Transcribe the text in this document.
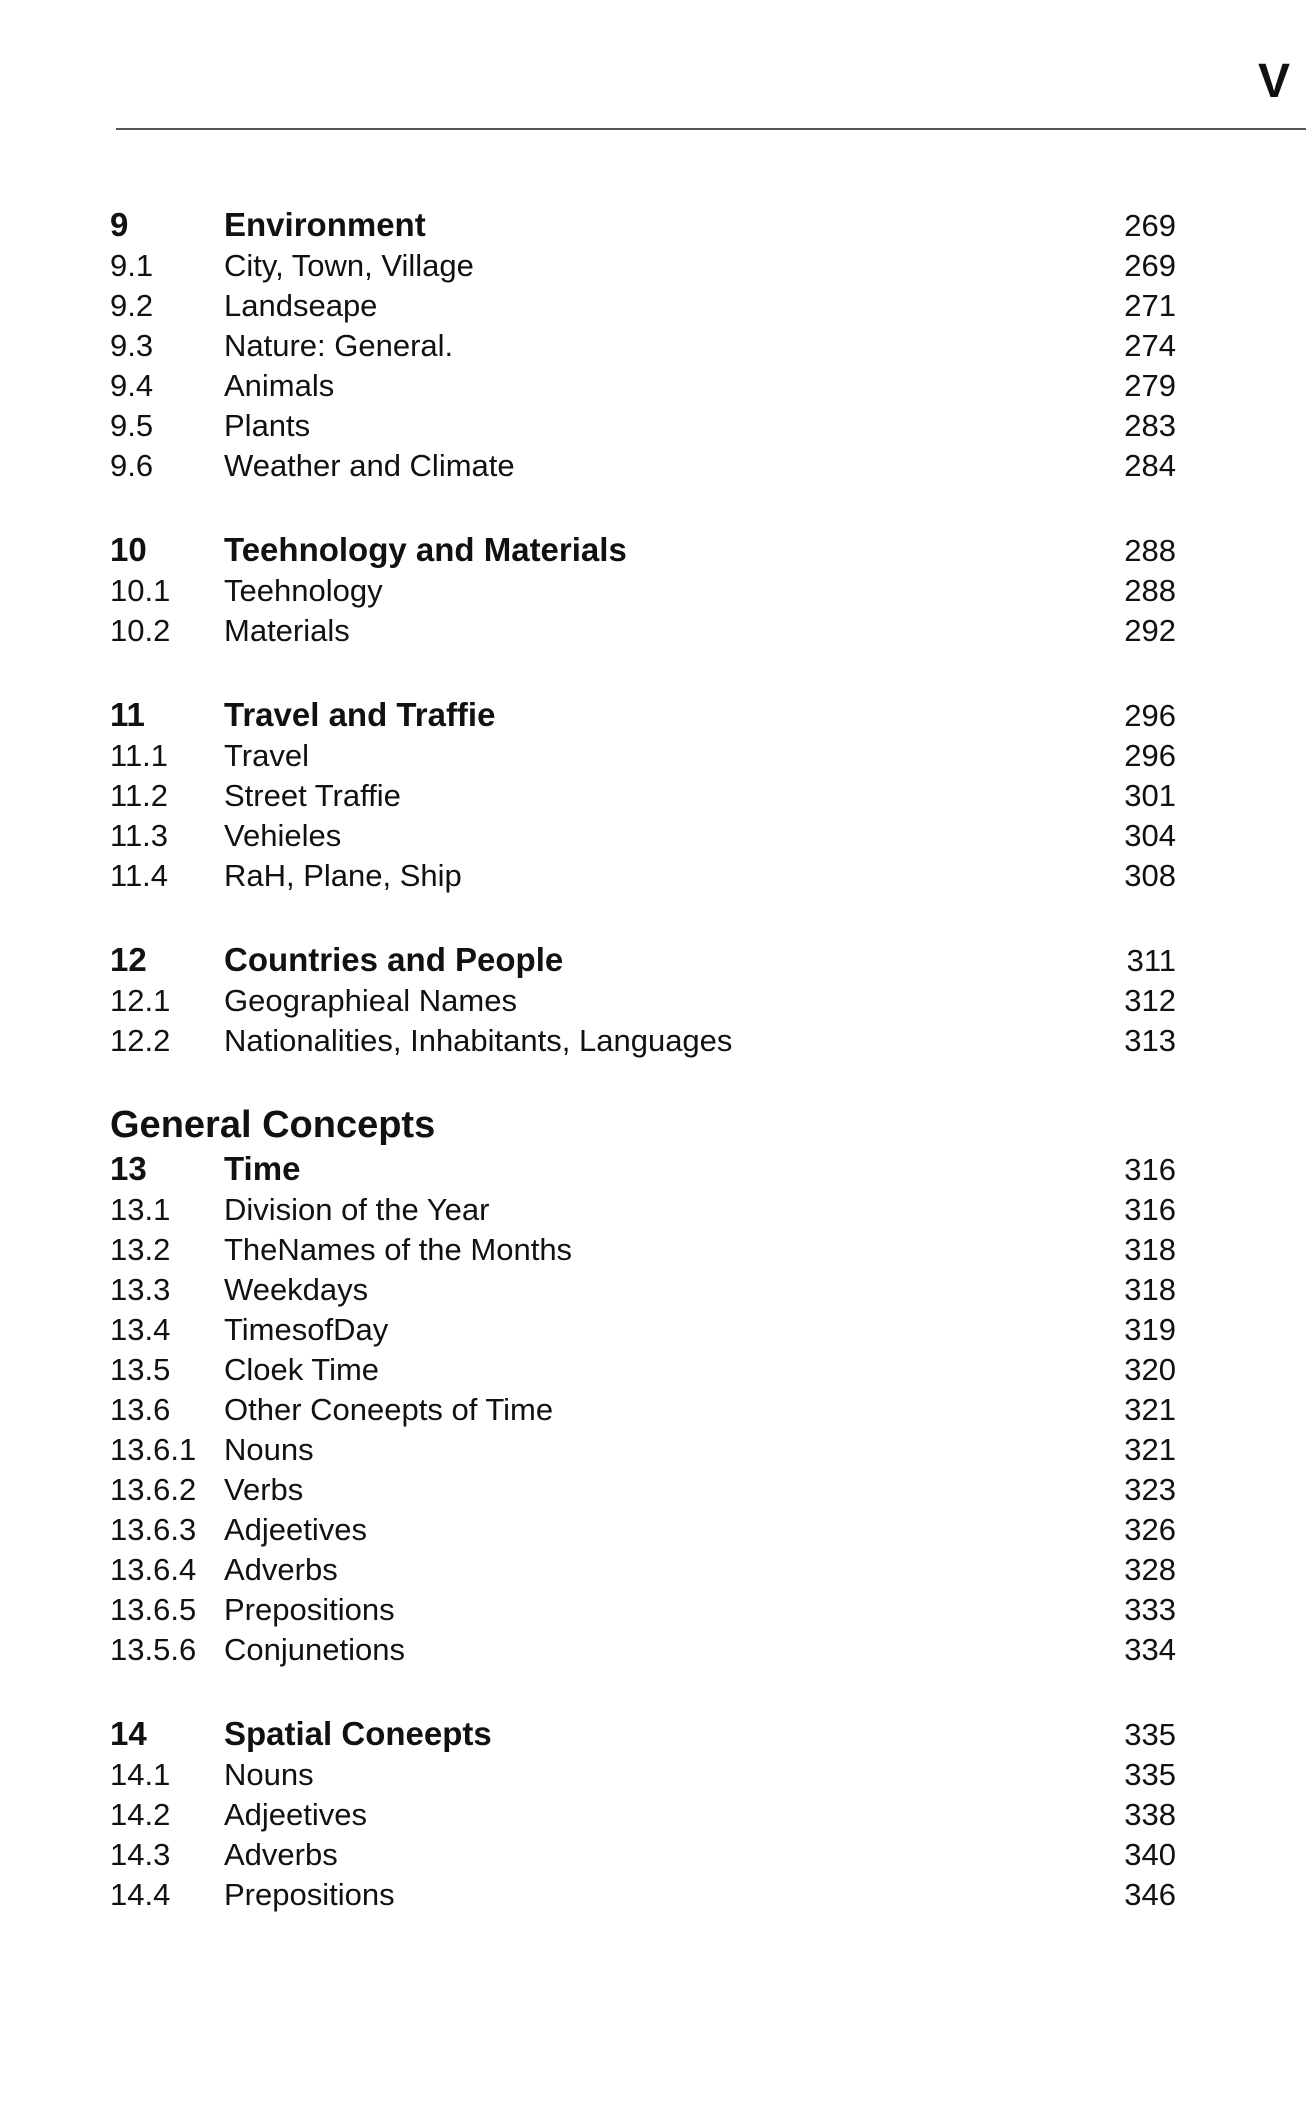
V
9	Environment	269
9.1	City, Town, Village	269
9.2	Landseape	271
9.3	Nature: General.	274
9.4	Animals	279
9.5	Plants	283
9.6	Weather and Climate	284
10	Teehnology and Materials	288
10.1	Teehnology	288
10.2	Materials	292
11	Travel and Traffie	296
11.1	Travel	296
11.2	Street Traffie	301
11.3	Vehieles	304
11.4	RaH, Plane, Ship	308
12	Countries and People	311
12.1	Geographieal Names	312
12.2	Nationalities, Inhabitants, Languages	313
General Concepts
13	Time	316
13.1	Division of the Year	316
13.2	TheNames of the Months	318
13.3	Weekdays	318
13.4	TimesofDay	319
13.5	Cloek Time	320
13.6	Other Coneepts of Time	321
13.6.1 Nouns	321
13.6.2 Verbs	323
13.6.3 Adjeetives	326
13.6.4 Adverbs	328
13.6.5 Prepositions	333
13.5.6 Conjunetions	334
14	Spatial Coneepts	335
14.1	Nouns	335
14.2	Adjeetives	338
14.3	Adverbs	340
14.4	Prepositions	346
